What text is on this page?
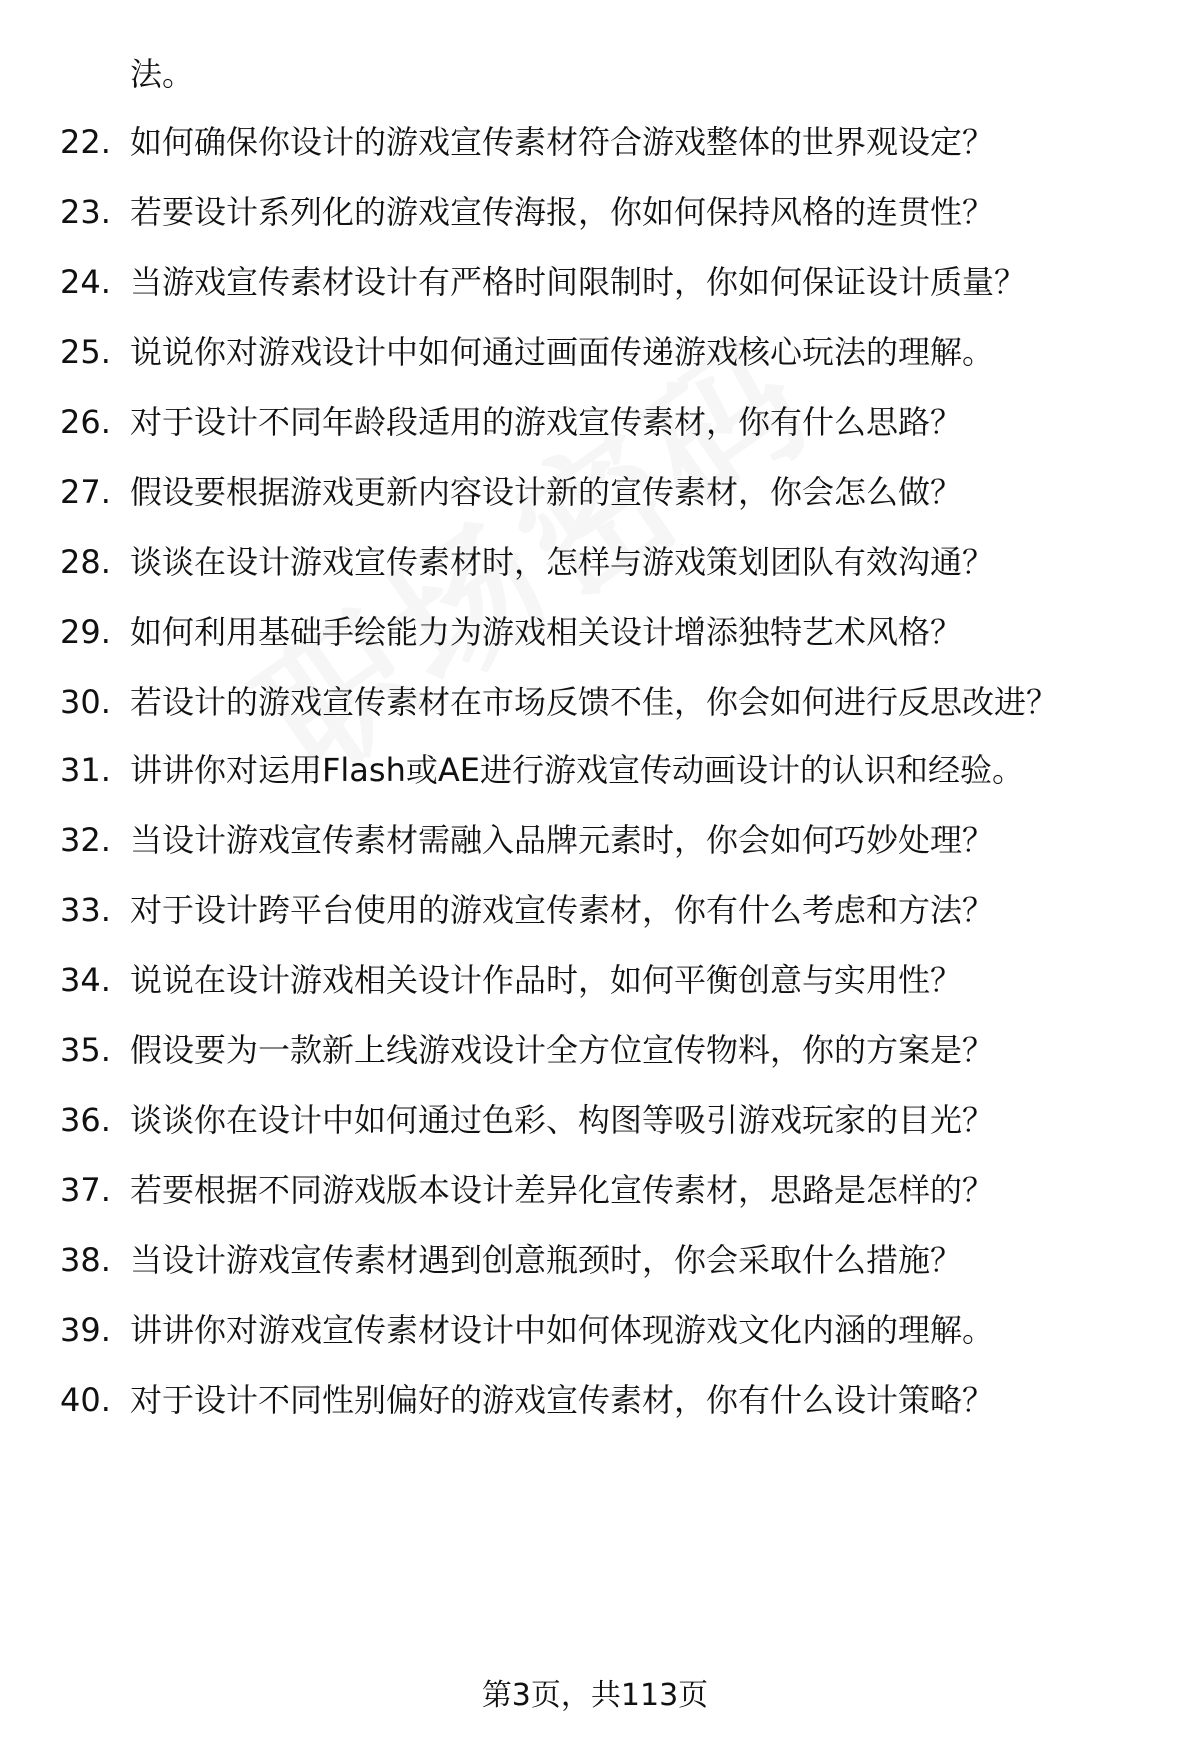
法。
22. 如何确保你设计的游戏宣传素材符合游戏整体的世界观设定？
23. 若要设计系列化的游戏宣传海报，你如何保持风格的连贯性？
24. 当游戏宣传素材设计有严格时间限制时，你如何保证设计质量？
25. 说说你对游戏设计中如何通过画面传递游戏核心玩法的理解。
26. 对于设计不同年龄段适用的游戏宣传素材，你有什么思路？
27. 假设要根据游戏更新内容设计新的宣传素材，你会怎么做？
28. 谈谈在设计游戏宣传素材时，怎样与游戏策划团队有效沟通？
29. 如何利用基础手绘能力为游戏相关设计增添独特艺术风格？
30. 若设计的游戏宣传素材在市场反馈不佳，你会如何进行反思改进？
31. 讲讲你对运用Flash或AE进行游戏宣传动画设计的认识和经验。
32. 当设计游戏宣传素材需融入品牌元素时，你会如何巧妙处理？
33. 对于设计跨平台使用的游戏宣传素材，你有什么考虑和方法？
34. 说说在设计游戏相关设计作品时，如何平衡创意与实用性？
35. 假设要为一款新上线游戏设计全方位宣传物料，你的方案是？
36. 谈谈你在设计中如何通过色彩、构图等吸引游戏玩家的目光？
37. 若要根据不同游戏版本设计差异化宣传素材，思路是怎样的？
38. 当设计游戏宣传素材遇到创意瓶颈时，你会采取什么措施？
39. 讲讲你对游戏宣传素材设计中如何体现游戏文化内涵的理解。
40. 对于设计不同性别偏好的游戏宣传素材，你有什么设计策略？
第3页，共113页
